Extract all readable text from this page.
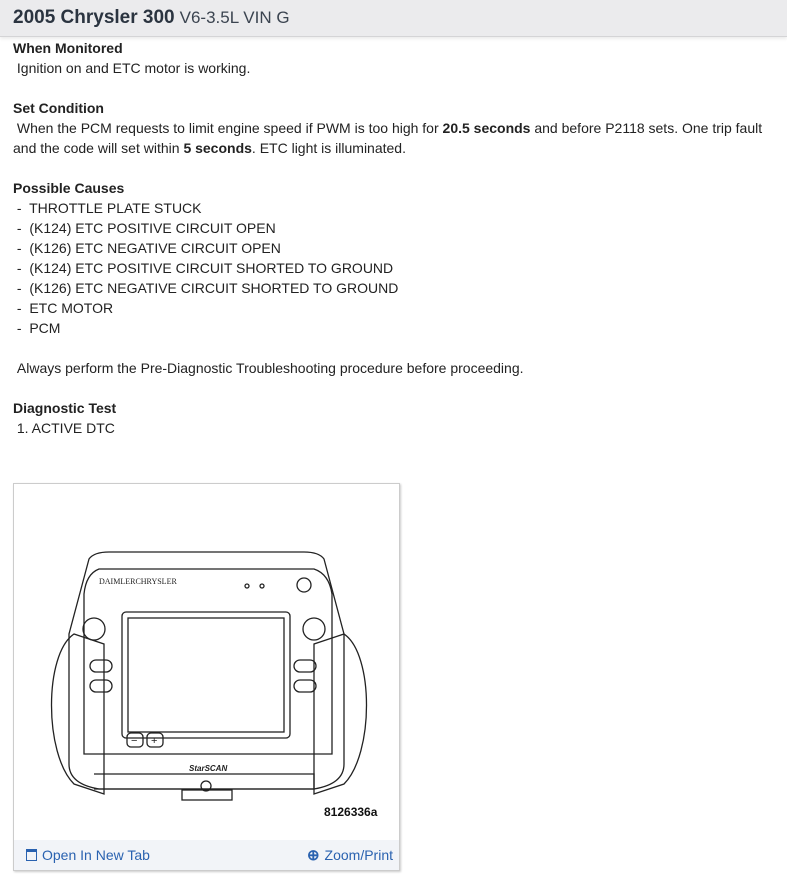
2005 Chrysler 300 V6-3.5L VIN G
When Monitored

Ignition on and ETC motor is working.

Set Condition

When the PCM requests to limit engine speed if PWM is too high for 20.5 seconds and before P2118 sets. One trip fault and the code will set within 5 seconds. ETC light is illuminated.

Possible Causes

-  THROTTLE PLATE STUCK

-  (K124) ETC POSITIVE CIRCUIT OPEN

-  (K126) ETC NEGATIVE CIRCUIT OPEN

-  (K124) ETC POSITIVE CIRCUIT SHORTED TO GROUND

-  (K126) ETC NEGATIVE CIRCUIT SHORTED TO GROUND

-  ETC MOTOR

-  PCM

Always perform the Pre-Diagnostic Troubleshooting procedure before proceeding.

Diagnostic Test

1. ACTIVE DTC

DAIMLERCHRYSLER
− +
StarSCAN
8126336a
Open In New Tab	⊕ Zoom/Print
